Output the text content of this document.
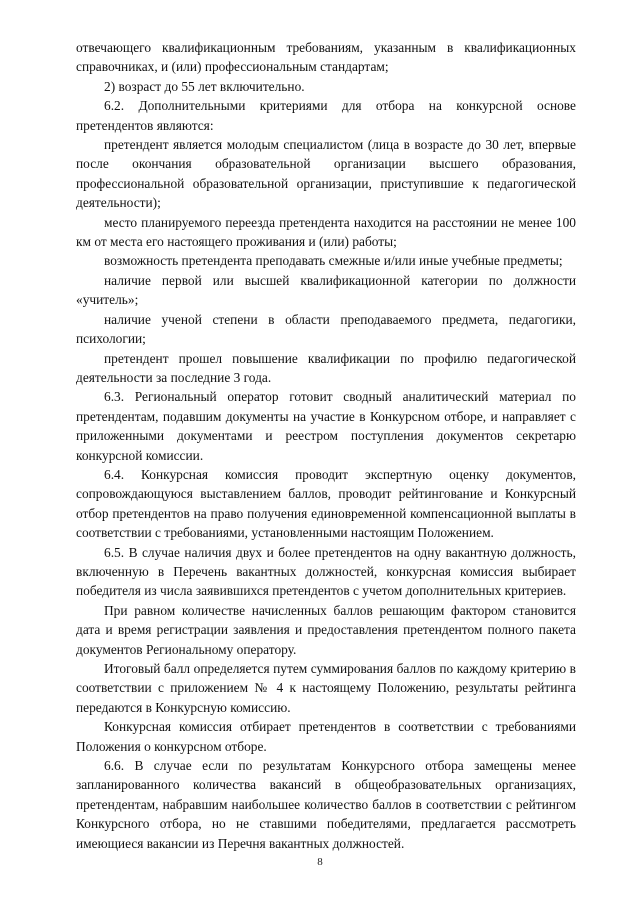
отвечающего квалификационным требованиям, указанным в квалификационных справочниках, и (или) профессиональным стандартам;

2) возраст до 55 лет включительно.

6.2. Дополнительными критериями для отбора на конкурсной основе претендентов являются:

претендент является молодым специалистом (лица в возрасте до 30 лет, впервые после окончания образовательной организации высшего образования, профессиональной образовательной организации, приступившие к педагогической деятельности);

место планируемого переезда претендента находится на расстоянии не менее 100 км от места его настоящего проживания и (или) работы;

возможность претендента преподавать смежные и/или иные учебные предметы;

наличие первой или высшей квалификационной категории по должности «учитель»;

наличие ученой степени в области преподаваемого предмета, педагогики, психологии;

претендент прошел повышение квалификации по профилю педагогической деятельности за последние 3 года.

6.3. Региональный оператор готовит сводный аналитический материал по претендентам, подавшим документы на участие в Конкурсном отборе, и направляет с приложенными документами и реестром поступления документов секретарю конкурсной комиссии.

6.4. Конкурсная комиссия проводит экспертную оценку документов, сопровождающуюся выставлением баллов, проводит рейтингование и Конкурсный отбор претендентов на право получения единовременной компенсационной выплаты в соответствии с требованиями, установленными настоящим Положением.

6.5. В случае наличия двух и более претендентов на одну вакантную должность, включенную в Перечень вакантных должностей, конкурсная комиссия выбирает победителя из числа заявившихся претендентов с учетом дополнительных критериев.

При равном количестве начисленных баллов решающим фактором становится дата и время регистрации заявления и предоставления претендентом полного пакета документов Региональному оператору.

Итоговый балл определяется путем суммирования баллов по каждому критерию в соответствии с приложением № 4 к настоящему Положению, результаты рейтинга передаются в Конкурсную комиссию.

Конкурсная комиссия отбирает претендентов в соответствии с требованиями Положения о конкурсном отборе.

6.6. В случае если по результатам Конкурсного отбора замещены менее запланированного количества вакансий в общеобразовательных организациях, претендентам, набравшим наибольшее количество баллов в соответствии с рейтингом Конкурсного отбора, но не ставшими победителями, предлагается рассмотреть имеющиеся вакансии из Перечня вакантных должностей.

8
